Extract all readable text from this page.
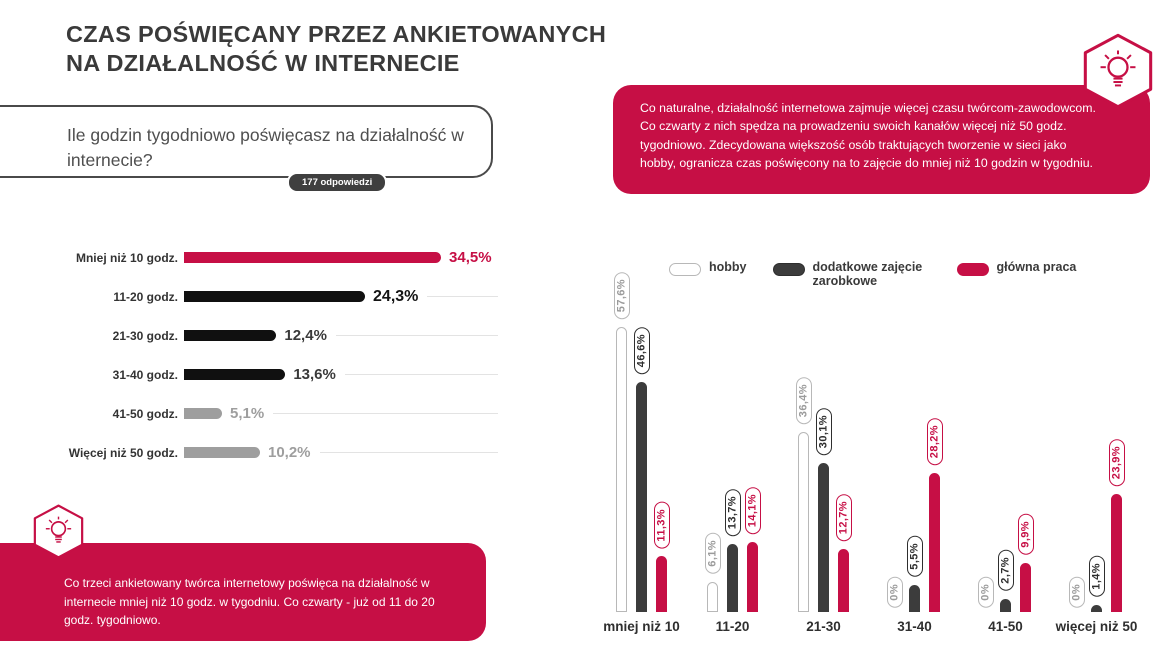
CZAS POŚWIĘCANY PRZEZ ANKIETOWANYCH
NA DZIAŁALNOŚĆ W INTERNECIE
Ile godzin tygodniowo poświęcasz na działalność w internecie?
177 odpowiedzi
Co naturalne, działalność internetowa zajmuje więcej czasu twórcom-zawodowcom. Co czwarty z nich spędza na prowadzeniu swoich kanałów więcej niż 50 godz. tygodniowo. Zdecydowana większość osób traktujących tworzenie w sieci jako hobby, ogranicza czas poświęcony na to zajęcie do mniej niż 10 godzin w tygodniu.
Co trzeci ankietowany twórca internetowy poświęca na działalność w internecie mniej niż 10 godz. w tygodniu. Co czwarty - już od 11 do 20 godz. tygodniowo.
Mniej niż 10 godz.	34,5%
11-20 godz.	24,3%
21-30 godz.	12,4%
31-40 godz.	13,6%
41-50 godz.	5,1%
Więcej niż 50 godz.	10,2%
hobby	dodatkowe zajęcie zarobkowe
główna praca
57,6%
46,6%
11,3%
mniej niż 10
6,1%
13,7% 14,1%
11-20
36,4%
30,1%
12,7%
21-30
0%
5,5%
28,2%
31-40
0%
2,7%
9,9%
41-50
0%
1,4%
23,9%
więcej niż 50
